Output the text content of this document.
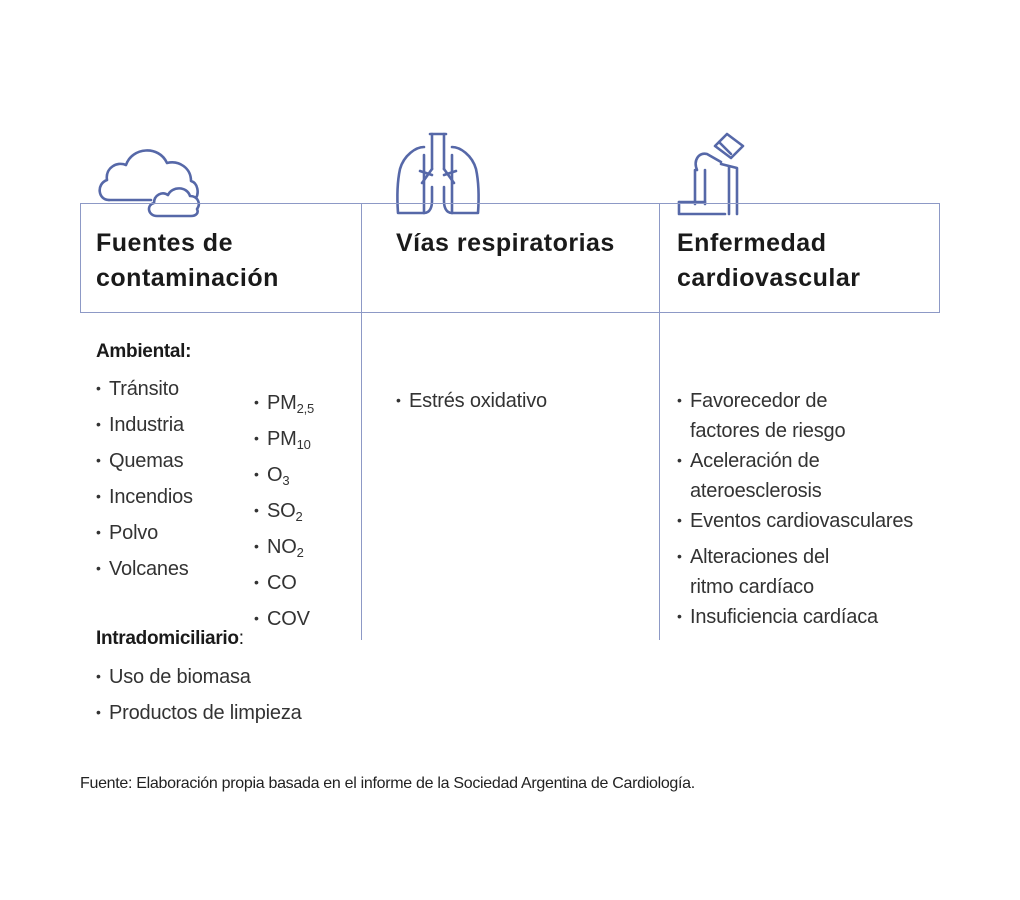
Fuentes de
contaminación
Vías respiratorias Enfermedad
cardiovascular
Ambiental:
• Tránsito
• Industria
• Quemas
• Incendios
• Polvo
• Volcanes
• $PM_{2,5}$
• $PM_{10}$
• $O_3$
• $SO_2$
• $NO_2$
• CO
• COV
Intradomiciliario:
• Uso de biomasa
• Productos de limpieza
• Estrés oxidativo	• Favorecedor de
factores de riesgo
• Aceleración de
ateroesclerosis
• Eventos cardiovasculares
• Alteraciones del
ritmo cardíaco
• Insuficiencia cardíaca
Fuente: Elaboración propia basada en el informe de la Sociedad Argentina de Cardiología.
